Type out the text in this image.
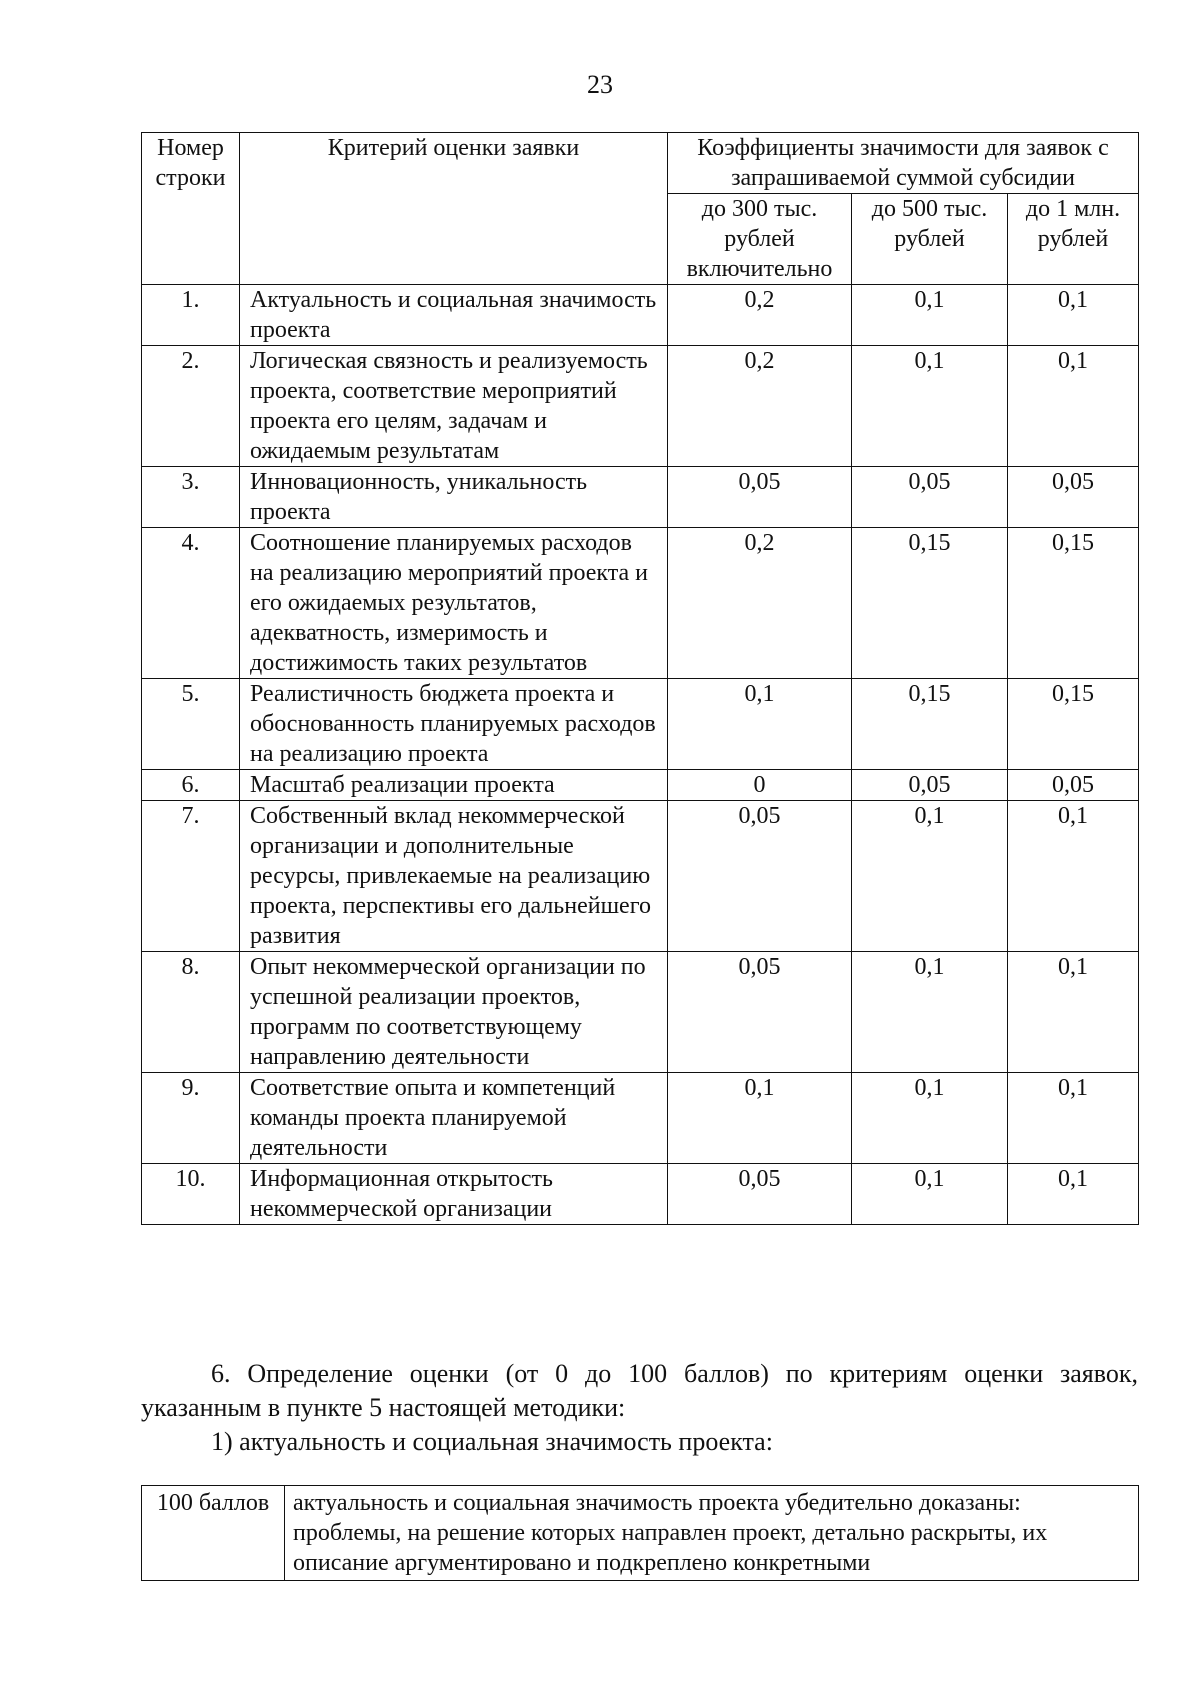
23
Номер строки	Критерий оценки заявки	Коэффициенты значимости для заявок с запрашиваемой суммой субсидии		
		до 300 тыс. рублей включительно	до 500 тыс. рублей	до 1 млн. рублей
1.	Актуальность и социальная значимость проекта	0,2	0,1	0,1
2.	Логическая связность и реализуемость проекта, соответствие мероприятий проекта его целям, задачам и ожидаемым результатам	0,2	0,1	0,1
3.	Инновационность, уникальность проекта	0,05	0,05	0,05
4.	Соотношение планируемых расходов на реализацию мероприятий проекта и его ожидаемых результатов, адекватность, измеримость и достижимость таких результатов	0,2	0,15	0,15
5.	Реалистичность бюджета проекта и обоснованность планируемых расходов на реализацию проекта	0,1	0,15	0,15
6.	Масштаб реализации проекта	0	0,05	0,05
7.	Собственный вклад некоммерческой организации и дополнительные ресурсы, привлекаемые на реализацию проекта, перспективы его дальнейшего развития	0,05	0,1	0,1
8.	Опыт некоммерческой организации по успешной реализации проектов, программ по соответствующему направлению деятельности	0,05	0,1	0,1
9.	Соответствие опыта и компетенций команды проекта планируемой деятельности	0,1	0,1	0,1
10.	Информационная открытость некоммерческой организации	0,05	0,1	0,1
6. Определение оценки (от 0 до 100 баллов) по критериям оценки заявок, указанным в пункте 5 настоящей методики:
1) актуальность и социальная значимость проекта:
100 баллов	актуальность и социальная значимость проекта убедительно доказаны: проблемы, на решение которых направлен проект, детально раскрыты, их описание аргументировано и подкреплено конкретными
